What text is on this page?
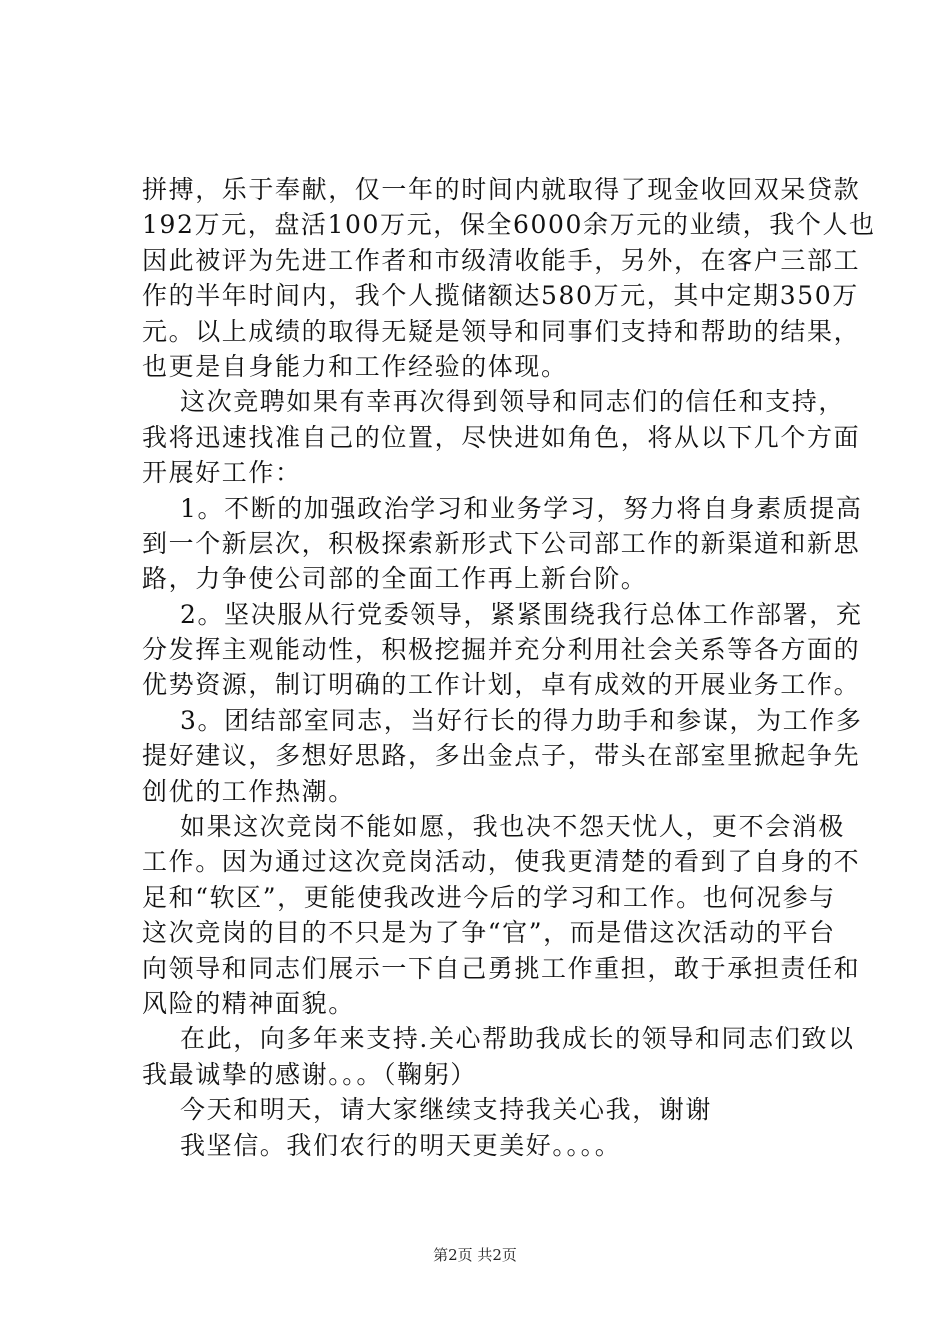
拼搏，乐于奉献，仅一年的时间内就取得了现金收回双呆贷款
192万元，盘活100万元，保全6000余万元的业绩，我个人也
因此被评为先进工作者和市级清收能手，另外，在客户三部工
作的半年时间内，我个人揽储额达580万元，其中定期350万
元。以上成绩的取得无疑是领导和同事们支持和帮助的结果，
也更是自身能力和工作经验的体现。
这次竞聘如果有幸再次得到领导和同志们的信任和支持，
我将迅速找准自己的位置，尽快进如角色，将从以下几个方面
开展好工作：
1。不断的加强政治学习和业务学习，努力将自身素质提高
到一个新层次，积极探索新形式下公司部工作的新渠道和新思
路，力争使公司部的全面工作再上新台阶。
2。坚决服从行党委领导，紧紧围绕我行总体工作部署，充
分发挥主观能动性，积极挖掘并充分利用社会关系等各方面的
优势资源，制订明确的工作计划，卓有成效的开展业务工作。
3。团结部室同志，当好行长的得力助手和参谋，为工作多
提好建议，多想好思路，多出金点子，带头在部室里掀起争先
创优的工作热潮。
如果这次竞岗不能如愿，我也决不怨天忧人，更不会消极
工作。因为通过这次竞岗活动，使我更清楚的看到了自身的不
足和“软区”，更能使我改进今后的学习和工作。也何况参与
这次竞岗的目的不只是为了争“官”，而是借这次活动的平台
向领导和同志们展示一下自己勇挑工作重担，敢于承担责任和
风险的精神面貌。
在此，向多年来支持.关心帮助我成长的领导和同志们致以
我最诚挚的感谢。。。（鞠躬）
今天和明天，请大家继续支持我关心我，谢谢
我坚信。我们农行的明天更美好。。。。
第2页 共2页
